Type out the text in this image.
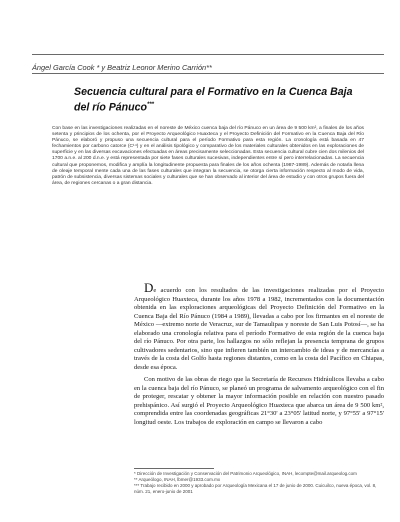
Ángel García Cook * y Beatriz Leonor Merino Carrión**
Secuencia cultural para el Formativo en la Cuenca Baja del río Pánuco***

Con base en las investigaciones realizadas en el noreste de México cuenca baja del río Pánuco en un área de 9 500 km², a finales de los años setenta y principios de los ochenta, por el Proyecto Arqueológico Huaxteca y el Proyecto Definición del Formativo en la Cuenca Baja del Río Pánuco, se elaboró y propuso una secuencia cultural para el período Formativo para esta región. La cronología está basada en 47 fechamientos por carbono catorce (C¹⁴) y en el análisis tipológico y comparativo de los materiales culturales obtenidos en las exploraciones de superficie y en las diversas excavaciones efectuadas en áreas precisamente seleccionadas. Esta secuencia cultural cubre cien dos milenios del 1700 a.n.e. al 200 d.n.e. y está representada por siete fases culturales sucesivas, independientes entre sí pero interrelacionadas. La secuencia cultural que proponemos, modifica y amplía la longitudinente propuesta para finales de los años ochenta (1987-1989). Además de notarla llena de oleaje temporal mente cada una de las fases culturales que integran la secuencia, se otorga cierta información respecto al modo de vida, patrón de subsistencia, diversas sistemas sociales y culturales que se han observado al interior del área de estudio y con otros grupos fuera del área, de regiones cercanas o a gran distancia.

De acuerdo con los resultados de las investigaciones realizadas por el Proyecto Arqueológico Huaxteca, durante los años 1978 a 1982, incrementados con la documentación obtenida en las exploraciones arqueológicas del Proyecto Definición del Formativo en la Cuenca Baja del Río Pánuco (1984 a 1989), llevadas a cabo por los firmantes en el noreste de México —extremo norte de Veracruz, sur de Tamaulipas y noreste de San Luis Potosí—, se ha elaborado una cronología relativa para el período Formativo de esta región de la cuenca baja del río Pánuco. Por otra parte, los hallazgos no sólo reflejan la presencia temprana de grupos cultivadores sedentarios, sino que infieren también un intercambio de ideas y de mercancías a través de la costa del Golfo hasta regiones distantes, como en la costa del Pacífico en Chiapas, desde esa época.

Con motivo de las obras de riego que la Secretaría de Recursos Hidráulicos llevaba a cabo en la cuenca baja del río Pánuco, se planeó un programa de salvamento arqueológico con el fin de proteger, rescatar y obtener la mayor información posible en relación con nuestro pasado prehispánico. Así surgió el Proyecto Arqueológico Huaxteca que abarca un área de 9 500 km², comprendida entre las coordenadas geográficas 21°30' a 23°05' latitud norte, y 97°55' a 97°15' longitud oeste. Los trabajos de exploración en campo se llevaron a cabo

* Dirección de Investigación y Conservación del Patrimonio Arqueológico, INAH, lecompte@mail.arqueolog.com
** Arqueólogo, INAH, lbmer@1933.com.mx
*** Trabajo recibido en 2000 y aprobado por Arqueología Mexicana el 17 de junio de 2000. Cuicuilco, nueva época, vol. 8, núm. 21, enero-junio de 2001
